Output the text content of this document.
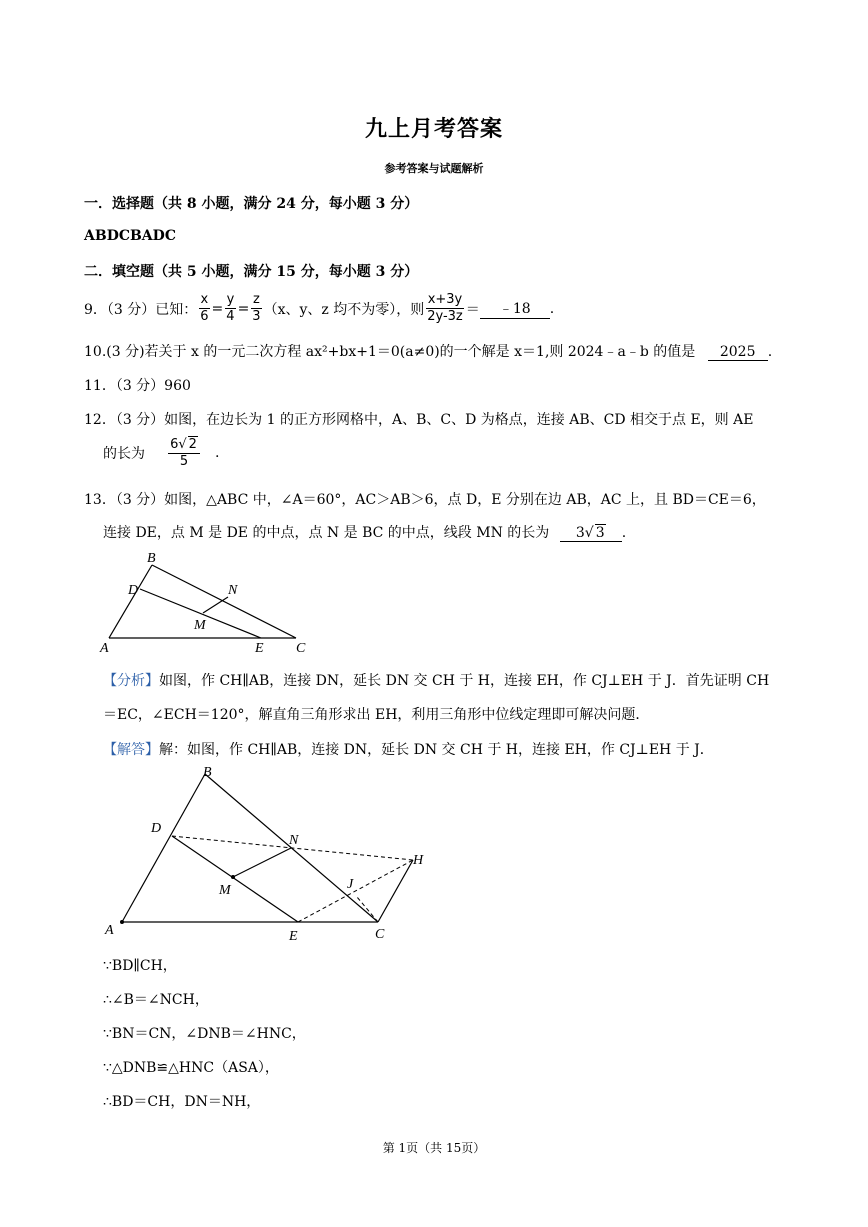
九上月考答案
参考答案与试题解析
一．选择题（共 8 小题，满分 24 分，每小题 3 分）
ABDCBADC
二．填空题（共 5 小题，满分 15 分，每小题 3 分）
9．（3 分）已知： $\frac{x}{6} = \frac{y}{4} = \frac{z}{3} (x$、y、z 均不为零），则 $\frac{x+3y}{2y-3z}$ ＝	﹣18	.
10.(3 分)若关于 x 的一元二次方程 ax²+bx+1＝0(a≠0)的一个解是 x＝1,则 2024﹣a﹣b 的值是 2025 .
11．（3 分）960
12．（3 分）如图，在边长为 1 的正方形网格中，A、B、C、D 为格点，连接 AB、CD 相交于点 E，则 AE
的长为 $\frac{6√ 2}{5}$ .
13．（3 分）如图，△ABC 中，∠A＝60°，AC＞AB＞6，点 D，E 分别在边 AB，AC 上，且 BD＝CE＝6，
连接 DE，点 M 是 DE 的中点，点 N 是 BC 的中点，线段 MN 的长为 3√ 3 .
B
D	N
M
A	E C
【分析】如图，作 CH∥AB，连接 DN，延长 DN 交 CH 于 H，连接 EH，作 CJ⊥EH 于 J．首先证明 CH
＝EC，∠ECH＝120°，解直角三角形求出 EH，利用三角形中位线定理即可解决问题．
【解答】解：如图，作 CH∥AB，连接 DN，延长 DN 交 CH 于 H，连接 EH，作 CJ⊥EH 于 J．
B
D
N
H
J
M
A	E	C
∵BD∥CH，
∴∠B＝∠NCH，
∵BN＝CN，∠DNB＝∠HNC，
∵△DNB≌△HNC（ASA），
∴BD＝CH，DN＝NH，
第 1页（共 15页）
